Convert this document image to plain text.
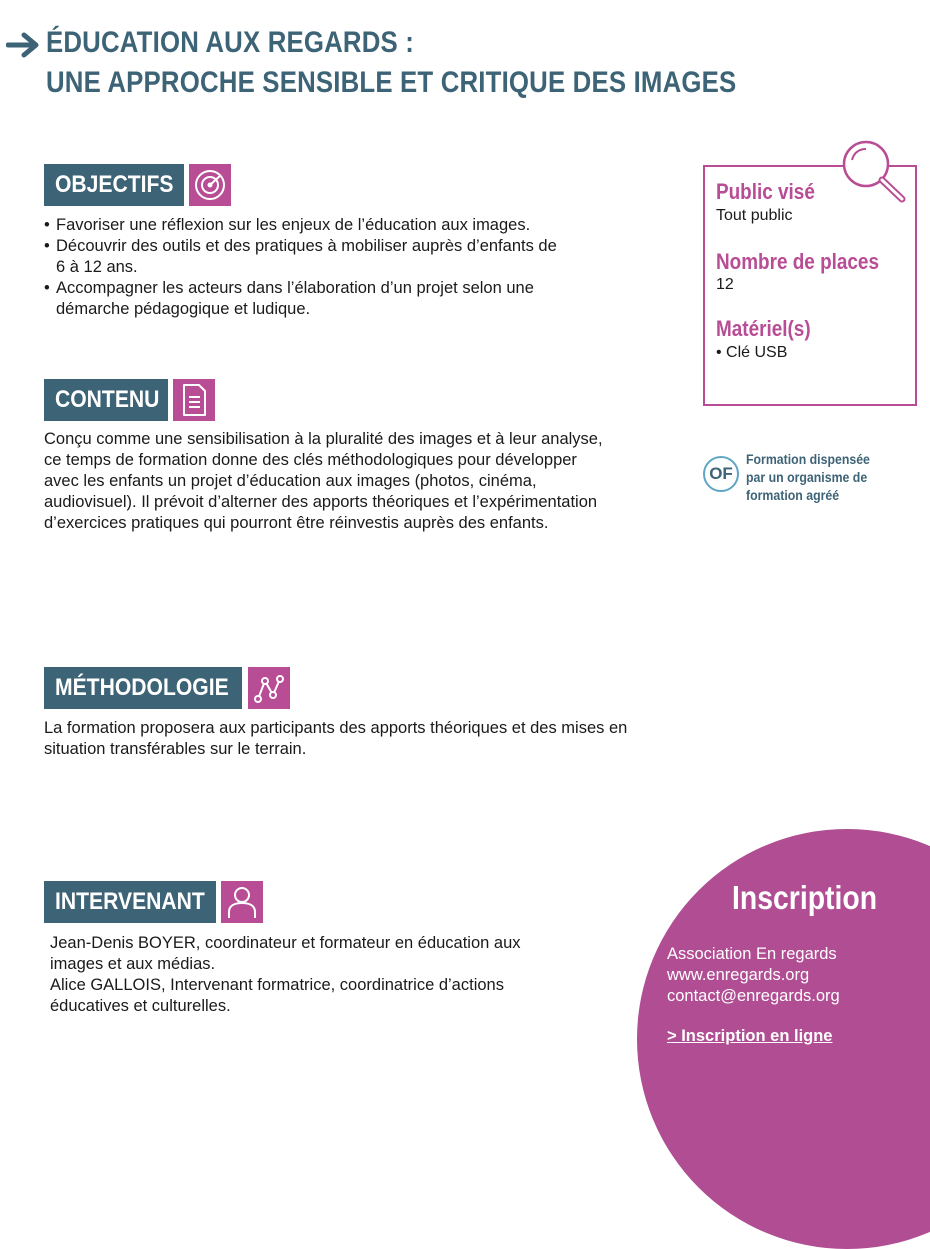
ÉDUCATION AUX REGARDS :
UNE APPROCHE SENSIBLE ET CRITIQUE DES IMAGES
OBJECTIFS
• Favoriser une réflexion sur les enjeux de l’éducation aux images.
• Découvrir des outils et des pratiques à mobiliser auprès d’enfants de 6 à 12 ans.
• Accompagner les acteurs dans l’élaboration d’un projet selon une démarche pédagogique et ludique.
CONTENU
Conçu comme une sensibilisation à la pluralité des images et à leur analyse, ce temps de formation donne des clés méthodologiques pour développer avec les enfants un projet d’éducation aux images (photos, cinéma, audiovisuel). Il prévoit d’alterner des apports théoriques et l’expérimentation d’exercices pratiques qui pourront être réinvestis auprès des enfants.
MÉTHODOLOGIE
La formation proposera aux participants des apports théoriques et des mises en situation transférables sur le terrain.
INTERVENANT
Jean-Denis BOYER, coordinateur et formateur en éducation aux images et aux médias.
Alice GALLOIS, Intervenant formatrice, coordinatrice d’actions éducatives et culturelles.
Public visé
Tout public
Nombre de places
12
Matériel(s)
• Clé USB
OF
Formation dispensée
par un organisme de
formation agréé
Inscription
Association En regards
www.enregards.org
contact@enregards.org
> Inscription en ligne
